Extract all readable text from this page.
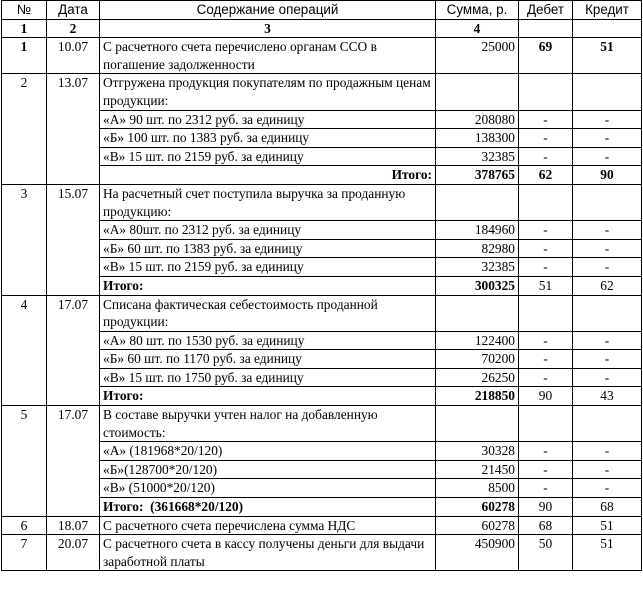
№	Дата	Содержание операций	Сумма, р.	Дебет	Кредит
1	2	3	4		
1	10.07	С расчетного счета перечислено органам ССО в погашение задолженности	25000	69	51
2	13.07	Отгружена продукция покупателям по продажным ценам продукции:			
		«А» 90 шт. по 2312 руб. за единицу	208080	-	-
		«Б» 100 шт. по 1383 руб. за единицу	138300	-	-
		«В» 15 шт. по 2159 руб. за единицу	32385	-	-
		Итого:	378765	62	90
3	15.07	На расчетный счет поступила выручка за проданную продукцию:			
		«А» 80шт. по 2312 руб. за единицу	184960	-	-
		«Б» 60 шт. по 1383 руб. за единицу	82980	-	-
		«В» 15 шт. по 2159 руб. за единицу	32385	-	-
		Итого:	300325	51	62
4	17.07	Списана фактическая себестоимость проданной продукции:			
		«А» 80 шт. по 1530 руб. за единицу	122400	-	-
		«Б» 60 шт. по 1170 руб. за единицу	70200	-	-
		«В» 15 шт. по 1750 руб. за единицу	26250	-	-
		Итого:	218850	90	43
5	17.07	В составе выручки учтен налог на добавленную стоимость:			
		«А» (181968*20/120)	30328	-	-
		«Б»(128700*20/120)	21450	-	-
		«В» (51000*20/120)	8500	-	-
		Итого:  (361668*20/120)	60278	90	68
6	18.07	С расчетного счета перечислена сумма НДС	60278	68	51
7	20.07	С расчетного счета в кассу получены деньги для выдачи заработной платы	450900	50	51
